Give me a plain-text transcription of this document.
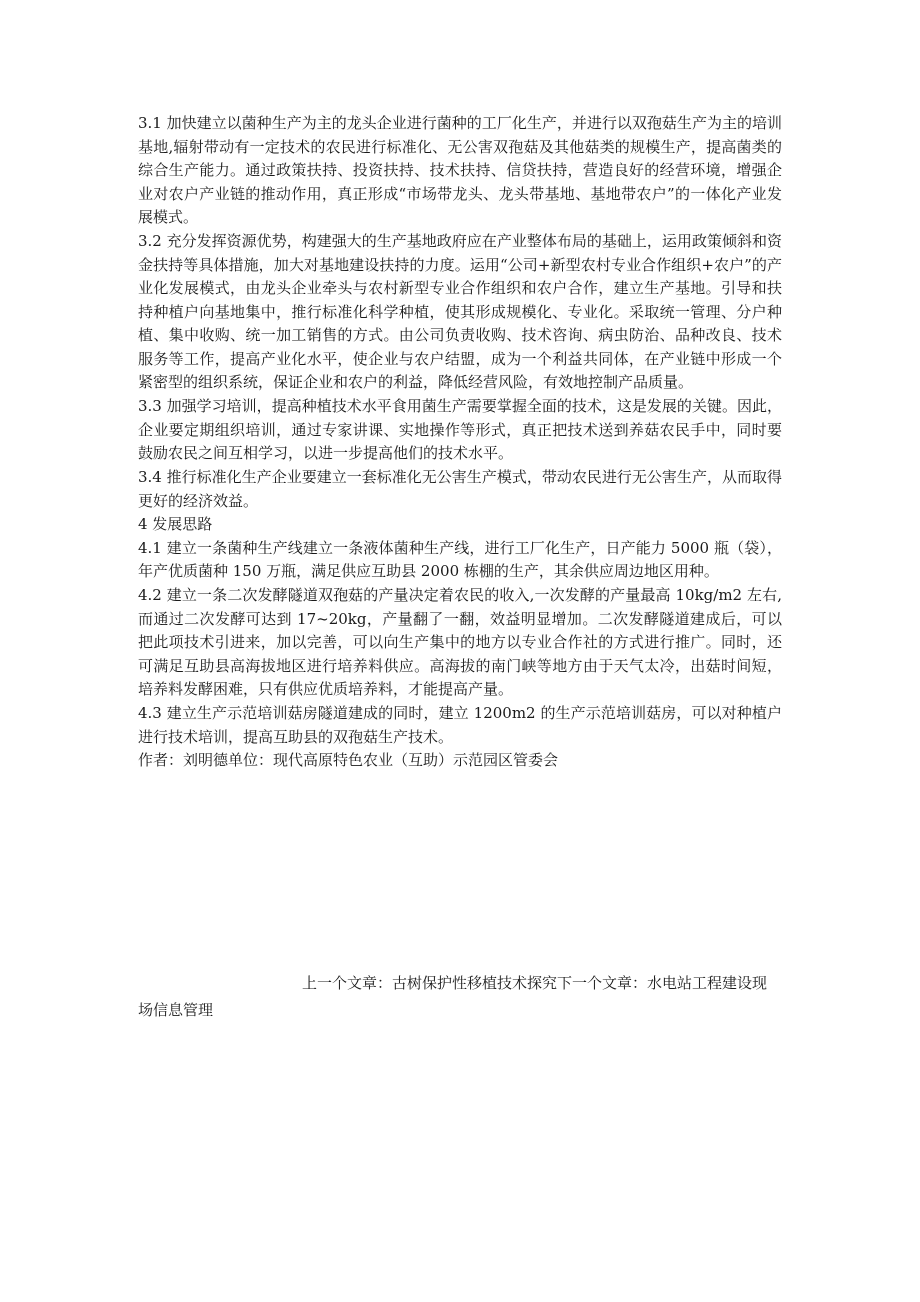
3.1 加快建立以菌种生产为主的龙头企业进行菌种的工厂化生产，并进行以双孢菇生产为主的培训基地,辐射带动有一定技术的农民进行标准化、无公害双孢菇及其他菇类的规模生产，提高菌类的综合生产能力。通过政策扶持、投资扶持、技术扶持、信贷扶持，营造良好的经营环境，增强企业对农户产业链的推动作用，真正形成“市场带龙头、龙头带基地、基地带农户”的一体化产业发展模式。

3.2 充分发挥资源优势，构建强大的生产基地政府应在产业整体布局的基础上，运用政策倾斜和资金扶持等具体措施，加大对基地建设扶持的力度。运用“公司+新型农村专业合作组织+农户”的产业化发展模式，由龙头企业牵头与农村新型专业合作组织和农户合作，建立生产基地。引导和扶持种植户向基地集中，推行标准化科学种植，使其形成规模化、专业化。采取统一管理、分户种植、集中收购、统一加工销售的方式。由公司负责收购、技术咨询、病虫防治、品种改良、技术服务等工作，提高产业化水平，使企业与农户结盟，成为一个利益共同体，在产业链中形成一个紧密型的组织系统，保证企业和农户的利益，降低经营风险，有效地控制产品质量。

3.3 加强学习培训，提高种植技术水平食用菌生产需要掌握全面的技术，这是发展的关键。因此，企业要定期组织培训，通过专家讲课、实地操作等形式，真正把技术送到养菇农民手中，同时要鼓励农民之间互相学习，以进一步提高他们的技术水平。

3.4 推行标准化生产企业要建立一套标准化无公害生产模式，带动农民进行无公害生产，从而取得更好的经济效益。

4 发展思路

4.1 建立一条菌种生产线建立一条液体菌种生产线，进行工厂化生产，日产能力 5000 瓶（袋），年产优质菌种 150 万瓶，满足供应互助县 2000 栋棚的生产，其余供应周边地区用种。

4.2 建立一条二次发酵隧道双孢菇的产量决定着农民的收入,一次发酵的产量最高 10kg/m2 左右,而通过二次发酵可达到 17~20kg，产量翻了一翻，效益明显增加。二次发酵隧道建成后，可以把此项技术引进来，加以完善，可以向生产集中的地方以专业合作社的方式进行推广。同时，还可满足互助县高海拔地区进行培养料供应。高海拔的南门峡等地方由于天气太冷，出菇时间短，培养料发酵困难，只有供应优质培养料，才能提高产量。

4.3 建立生产示范培训菇房隧道建成的同时，建立 1200m2 的生产示范培训菇房，可以对种植户进行技术培训，提高互助县的双孢菇生产技术。

作者：刘明德单位：现代高原特色农业（互助）示范园区管委会

上一个文章：古树保护性移植技术探究下一个文章：水电站工程建设现场信息管理
